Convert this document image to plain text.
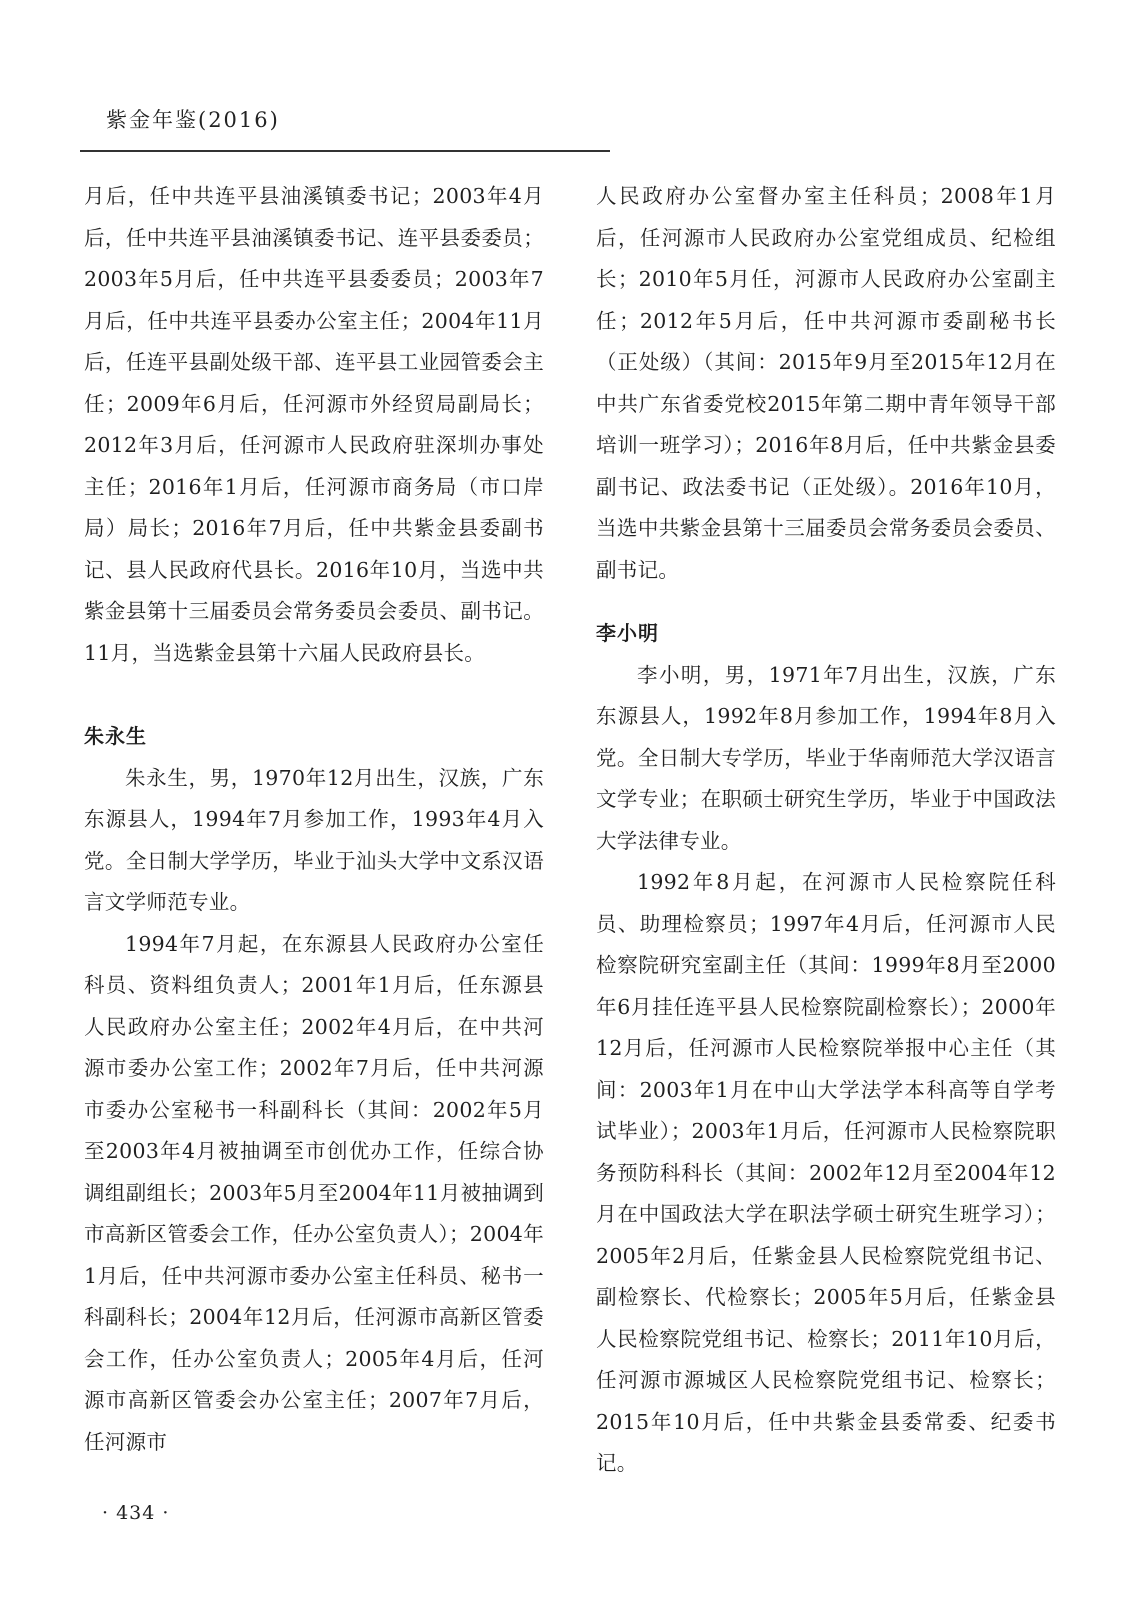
紫金年鉴(2016)

月后，任中共连平县油溪镇委书记；2003年4月后，任中共连平县油溪镇委书记、连平县委委员；2003年5月后，任中共连平县委委员；2003年7月后，任中共连平县委办公室主任；2004年11月后，任连平县副处级干部、连平县工业园管委会主任；2009年6月后，任河源市外经贸局副局长；2012年3月后，任河源市人民政府驻深圳办事处主任；2016年1月后，任河源市商务局（市口岸局）局长；2016年7月后，任中共紫金县委副书记、县人民政府代县长。2016年10月，当选中共紫金县第十三届委员会常务委员会委员、副书记。11月，当选紫金县第十六届人民政府县长。

朱永生

朱永生，男，1970年12月出生，汉族，广东东源县人，1994年7月参加工作，1993年4月入党。全日制大学学历，毕业于汕头大学中文系汉语言文学师范专业。

1994年7月起，在东源县人民政府办公室任科员、资料组负责人；2001年1月后，任东源县人民政府办公室主任；2002年4月后，在中共河源市委办公室工作；2002年7月后，任中共河源市委办公室秘书一科副科长（其间：2002年5月至2003年4月被抽调至市创优办工作，任综合协调组副组长；2003年5月至2004年11月被抽调到市高新区管委会工作，任办公室负责人）；2004年1月后，任中共河源市委办公室主任科员、秘书一科副科长；2004年12月后，任河源市高新区管委会工作，任办公室负责人；2005年4月后，任河源市高新区管委会办公室主任；2007年7月后，任河源市

人民政府办公室督办室主任科员；2008年1月后，任河源市人民政府办公室党组成员、纪检组长；2010年5月任，河源市人民政府办公室副主任；2012年5月后，任中共河源市委副秘书长（正处级）（其间：2015年9月至2015年12月在中共广东省委党校2015年第二期中青年领导干部培训一班学习）；2016年8月后，任中共紫金县委副书记、政法委书记（正处级）。2016年10月，当选中共紫金县第十三届委员会常务委员会委员、副书记。

李小明

李小明，男，1971年7月出生，汉族，广东东源县人，1992年8月参加工作，1994年8月入党。全日制大专学历，毕业于华南师范大学汉语言文学专业；在职硕士研究生学历，毕业于中国政法大学法律专业。

1992年8月起，在河源市人民检察院任科员、助理检察员；1997年4月后，任河源市人民检察院研究室副主任（其间：1999年8月至2000年6月挂任连平县人民检察院副检察长）；2000年12月后，任河源市人民检察院举报中心主任（其间：2003年1月在中山大学法学本科高等自学考试毕业）；2003年1月后，任河源市人民检察院职务预防科科长（其间：2002年12月至2004年12月在中国政法大学在职法学硕士研究生班学习）；2005年2月后，任紫金县人民检察院党组书记、副检察长、代检察长；2005年5月后，任紫金县人民检察院党组书记、检察长；2011年10月后，任河源市源城区人民检察院党组书记、检察长；2015年10月后，任中共紫金县委常委、纪委书记。

· 434 ·
